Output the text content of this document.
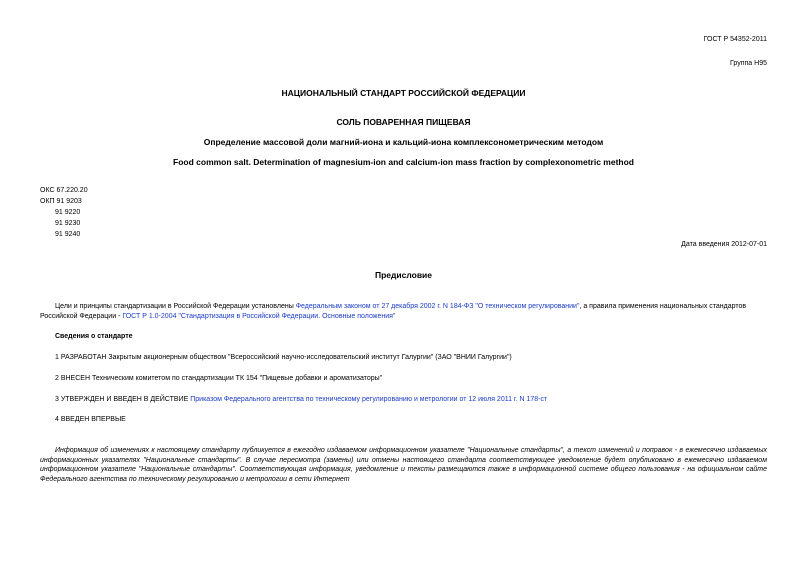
ГОСТ Р 54352-2011
Группа Н95
НАЦИОНАЛЬНЫЙ СТАНДАРТ РОССИЙСКОЙ ФЕДЕРАЦИИ
СОЛЬ ПОВАРЕННАЯ ПИЩЕВАЯ
Определение массовой доли магний-иона и кальций-иона комплексонометрическим методом
Food common salt. Determination of magnesium-ion and calcium-ion mass fraction by complexonometric method
ОКС 67.220.20
ОКП 91 9203
91 9220
91 9230
91 9240
Дата введения 2012-07-01
Предисловие
Цели и принципы стандартизации в Российской Федерации установлены Федеральным законом от 27 декабря 2002 г. N 184-ФЗ "О техническом регулировании", а правила применения национальных стандартов Российской Федерации - ГОСТ Р 1.0-2004 "Стандартизация в Российской Федерации. Основные положения"
Сведения о стандарте
1 РАЗРАБОТАН Закрытым акционерным обществом "Всероссийский научно-исследовательский институт Галургии" (ЗАО "ВНИИ Галургии")
2 ВНЕСЕН Техническим комитетом по стандартизации ТК 154 "Пищевые добавки и ароматизаторы"
3 УТВЕРЖДЕН И ВВЕДЕН В ДЕЙСТВИЕ Приказом Федерального агентства по техническому регулированию и метрологии от 12 июля 2011 г. N 178-ст
4 ВВЕДЕН ВПЕРВЫЕ
Информация об изменениях к настоящему стандарту публикуется в ежегодно издаваемом информационном указателе "Национальные стандарты", а текст изменений и поправок - в ежемесячно издаваемых информационных указателях "Национальные стандарты". В случае пересмотра (замены) или отмены настоящего стандарта соответствующее уведомление будет опубликовано в ежемесячно издаваемом информационном указателе "Национальные стандарты". Соответствующая информация, уведомление и тексты размещаются также в информационной системе общего пользования - на официальном сайте Федерального агентства по техническому регулированию и метрологии в сети Интернет
